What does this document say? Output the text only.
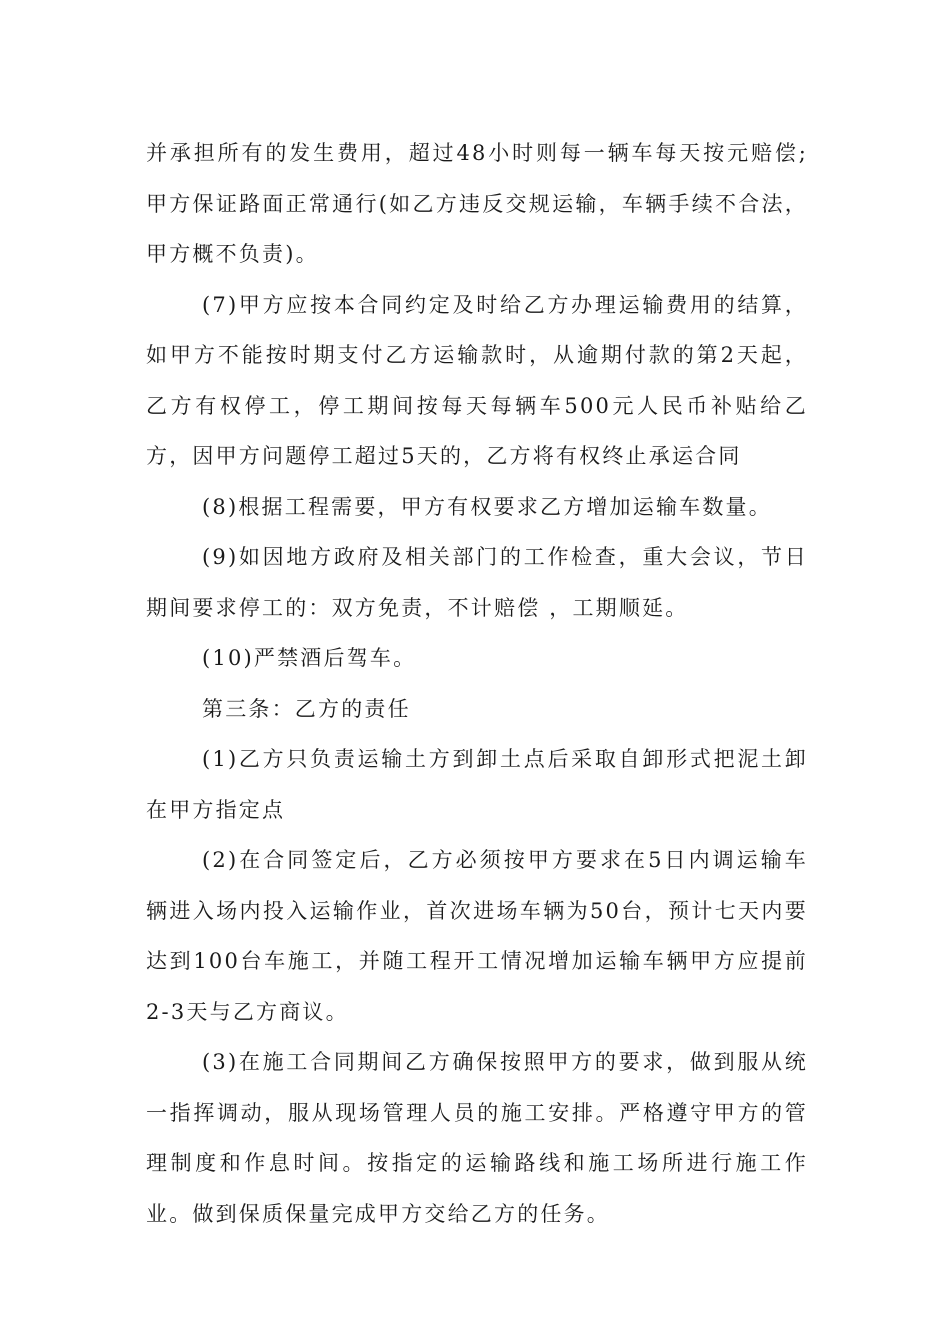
并承担所有的发生费用，超过48小时则每一辆车每天按元赔偿;甲方保证路面正常通行(如乙方违反交规运输，车辆手续不合法，甲方概不负责)。

(7)甲方应按本合同约定及时给乙方办理运输费用的结算，如甲方不能按时期支付乙方运输款时，从逾期付款的第2天起，乙方有权停工，停工期间按每天每辆车500元人民币补贴给乙方，因甲方问题停工超过5天的，乙方将有权终止承运合同

(8)根据工程需要，甲方有权要求乙方增加运输车数量。

(9)如因地方政府及相关部门的工作检查，重大会议，节日期间要求停工的：双方免责，不计赔偿 ，工期顺延。

(10)严禁酒后驾车。

第三条：乙方的责任

(1)乙方只负责运输土方到卸土点后采取自卸形式把泥土卸在甲方指定点

(2)在合同签定后，乙方必须按甲方要求在5日内调运输车辆进入场内投入运输作业，首次进场车辆为50台，预计七天内要达到100台车施工，并随工程开工情况增加运输车辆甲方应提前2-3天与乙方商议。

(3)在施工合同期间乙方确保按照甲方的要求，做到服从统一指挥调动，服从现场管理人员的施工安排。严格遵守甲方的管理制度和作息时间。按指定的运输路线和施工场所进行施工作业。做到保质保量完成甲方交给乙方的任务。
